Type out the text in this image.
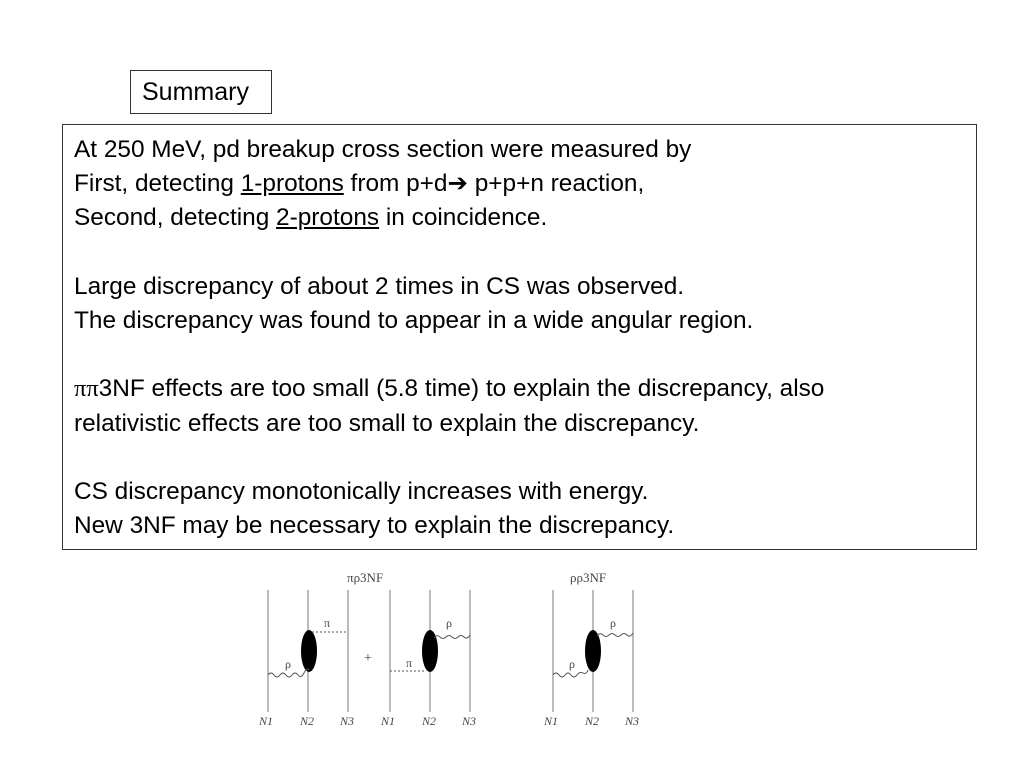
Summary
At 250 MeV, pd breakup cross section were measured by
First, detecting 1-protons from p+d➔ p+p+n reaction,
Second, detecting 2-protons in coincidence.
Large discrepancy of about 2 times in CS was observed.
The discrepancy was found to appear in a wide angular region.
ππ3NF effects are too small (5.8 time) to explain the discrepancy, also
relativistic effects are too small to explain the discrepancy.
CS discrepancy monotonically increases with energy.
New 3NF may be necessary to explain the discrepancy.
πρ3NF
π
ρ
N1 N2 N3
+	π
ρ
N1 N2 N3
ρρ3NF
ρ
ρ
N1 N2 N3
